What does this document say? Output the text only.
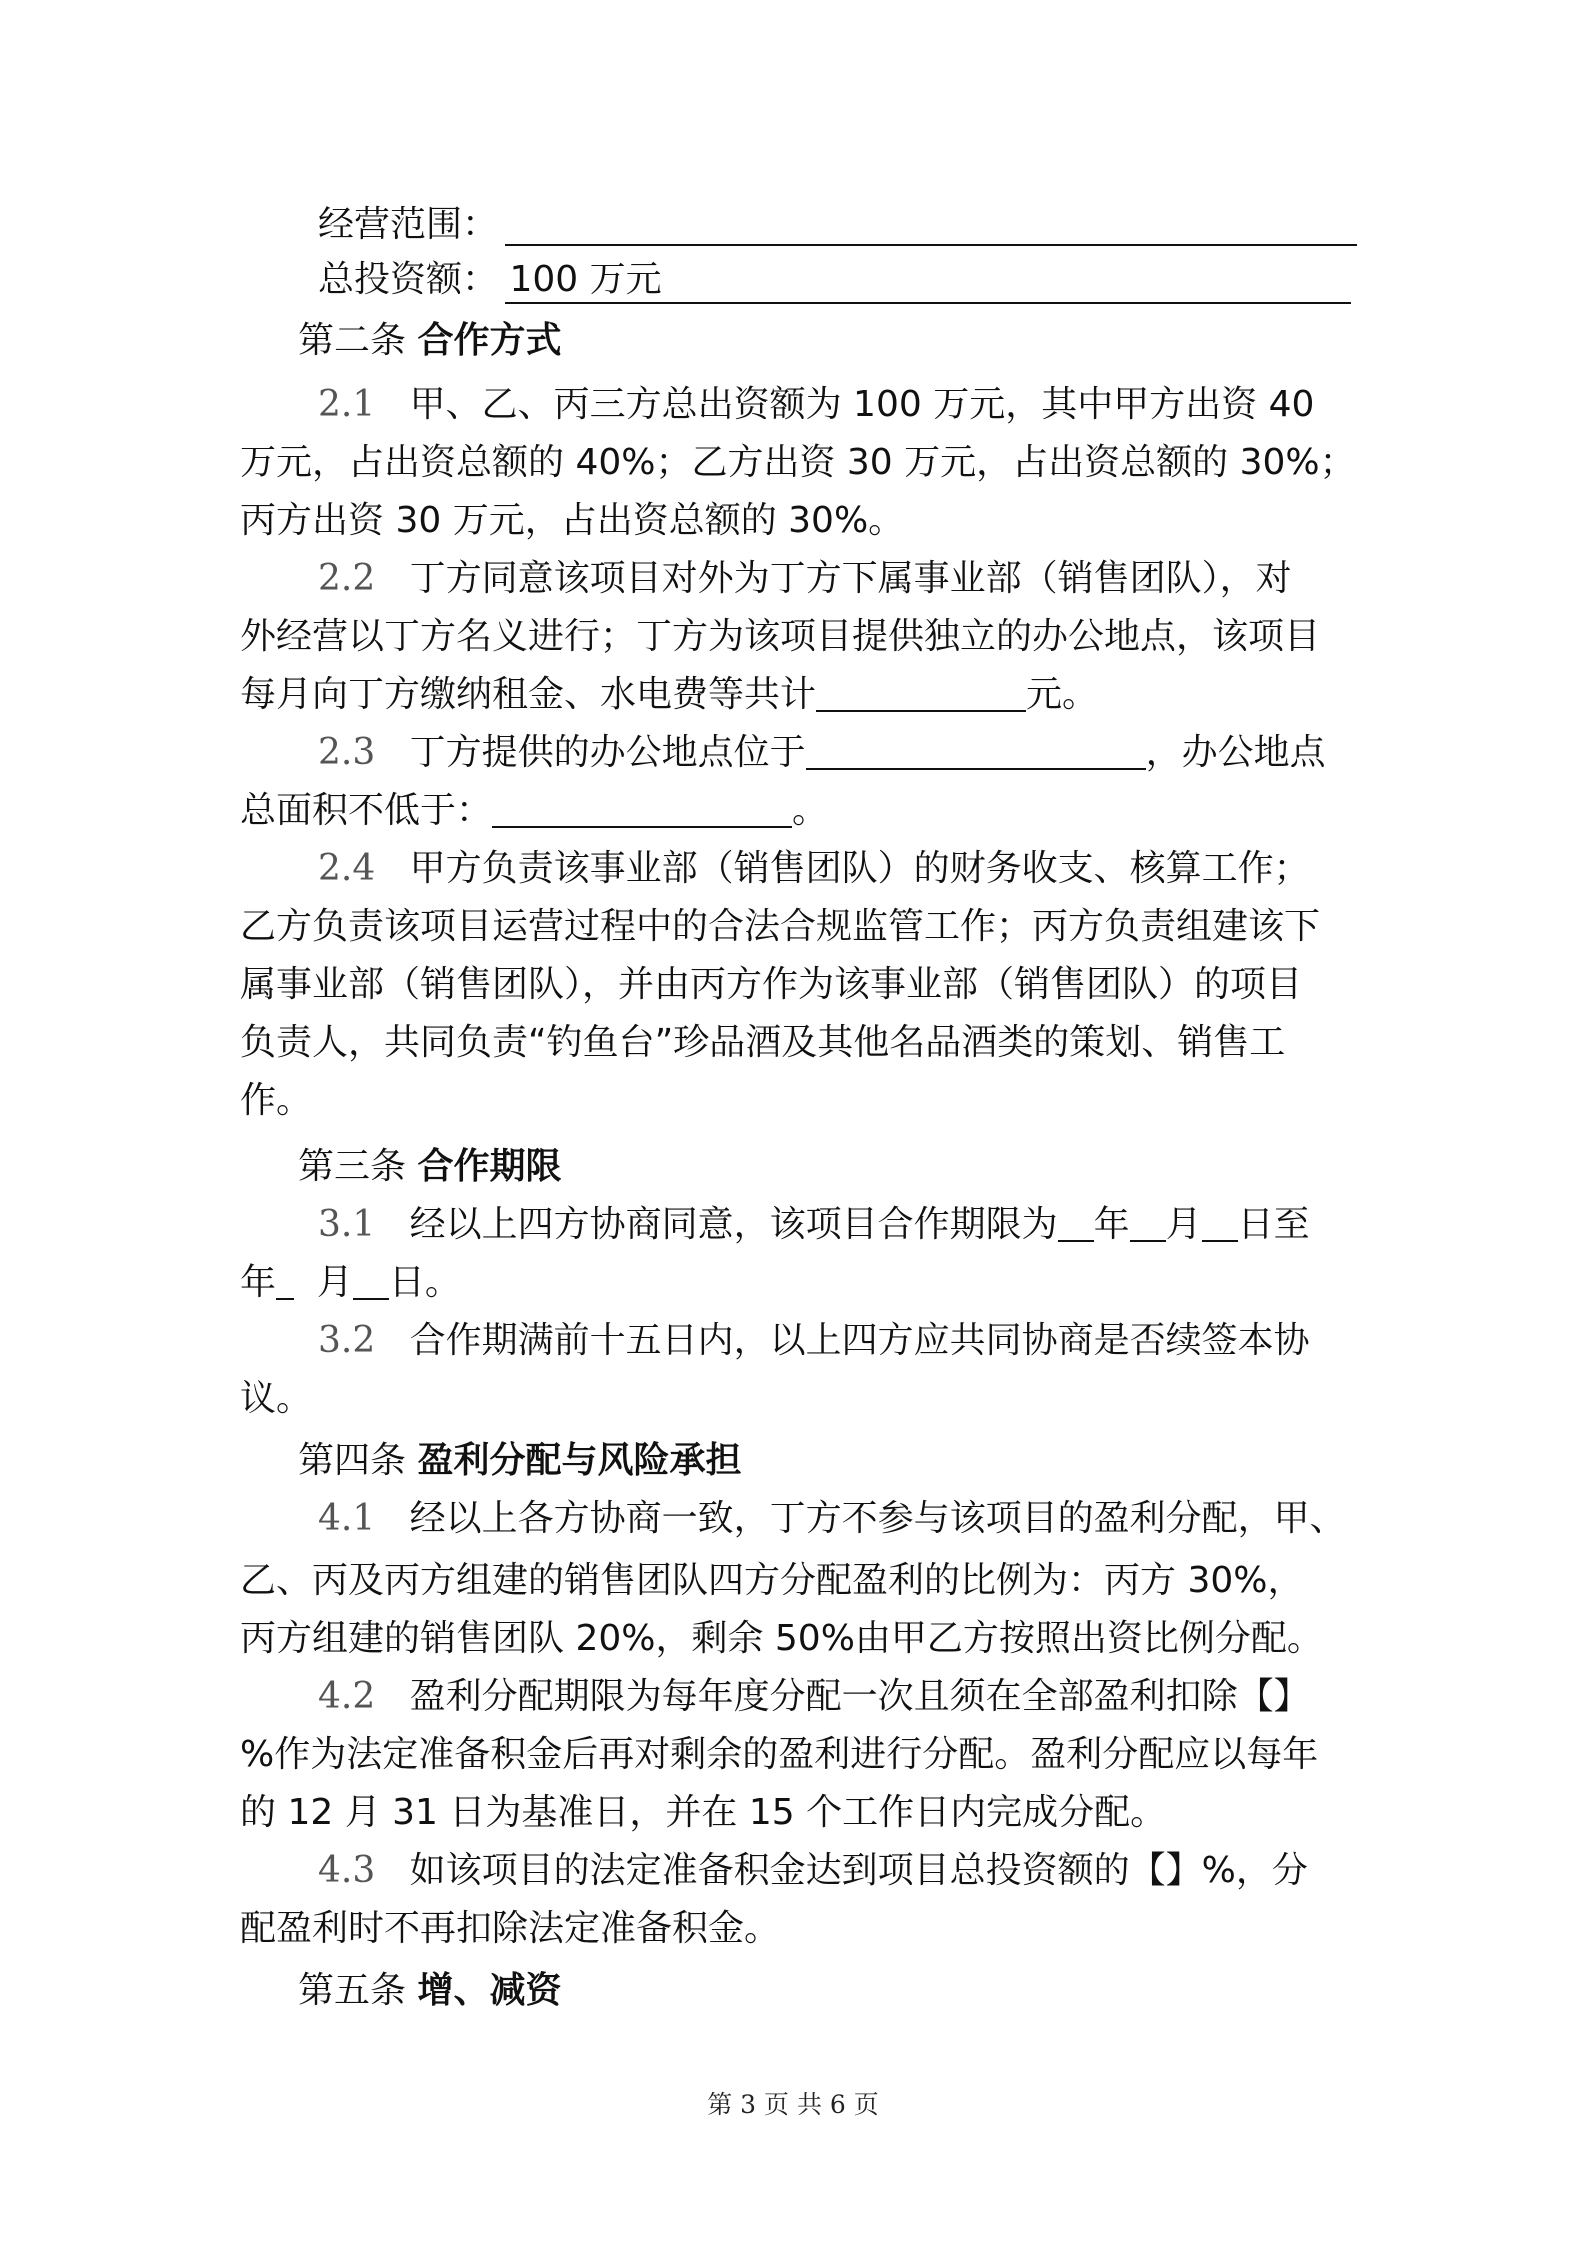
经营范围：
总投资额： 100 万元
第二条 合作方式
2.1 甲、乙、丙三方总出资额为 100 万元，其中甲方出资 40
万元，占出资总额的 40%；乙方出资 30 万元，占出资总额的 30%；
丙方出资 30 万元，占出资总额的 30%。
2.2 丁方同意该项目对外为丁方下属事业部（销售团队），对
外经营以丁方名义进行；丁方为该项目提供独立的办公地点，该项目
每月向丁方缴纳租金、水电费等共计	元。
2.3 丁方提供的办公地点位于	，办公地点
总面积不低于：	。
2.4 甲方负责该事业部（销售团队）的财务收支、核算工作；
乙方负责该项目运营过程中的合法合规监管工作；丙方负责组建该下
属事业部（销售团队），并由丙方作为该事业部（销售团队）的项目
负责人，共同负责“钓鱼台”珍品酒及其他名品酒类的策划、销售工
作。
第三条 合作期限
3.1 经以上四方协商同意，该项目合作期限为 年 月 日至
年 月 日。
3.2 合作期满前十五日内，以上四方应共同协商是否续签本协
议。
第四条 盈利分配与风险承担
4.1 经以上各方协商一致，丁方不参与该项目的盈利分配，甲、
乙、丙及丙方组建的销售团队四方分配盈利的比例为：丙方 30%，
丙方组建的销售团队 20%，剩余 50%由甲乙方按照出资比例分配。
4.2 盈利分配期限为每年度分配一次且须在全部盈利扣除【】
%作为法定准备积金后再对剩余的盈利进行分配。盈利分配应以每年
的 12 月 31 日为基准日，并在 15 个工作日内完成分配。
4.3 如该项目的法定准备积金达到项目总投资额的【】%，分
配盈利时不再扣除法定准备积金。
第五条 增、减资
第 3 页 共 6 页
